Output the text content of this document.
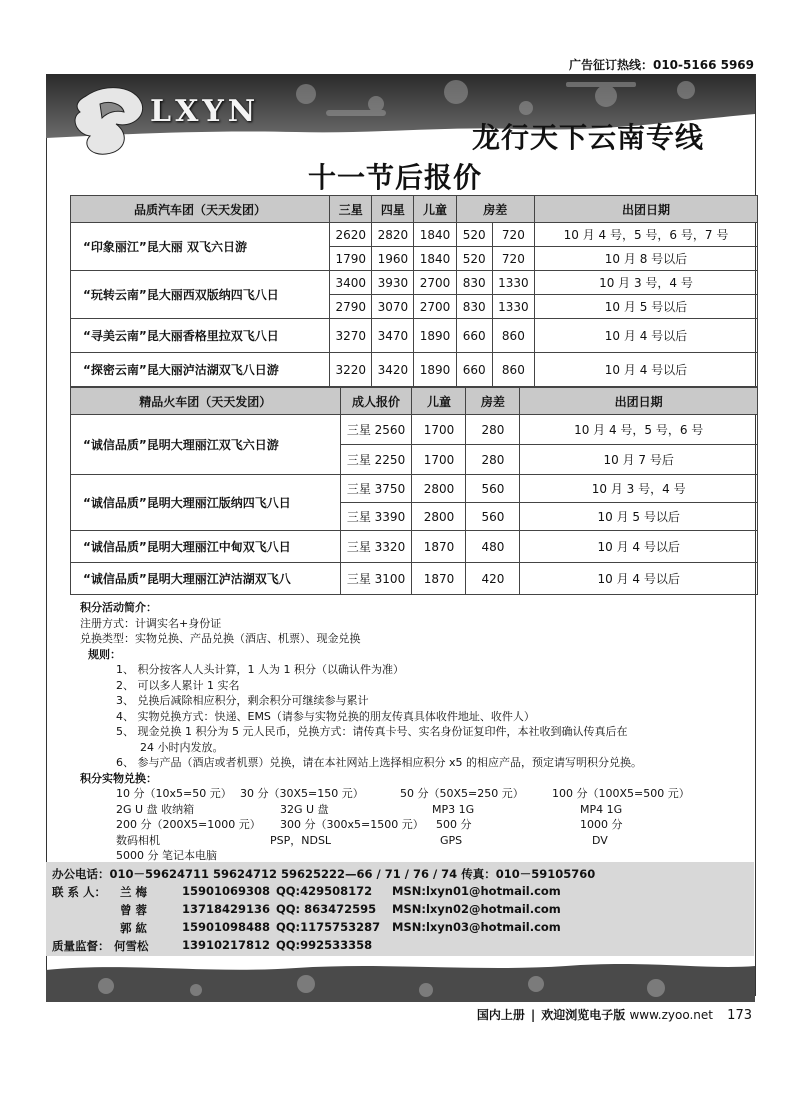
广告征订热线：010-5166 5969
LXYN
龙行天下云南专线
十一节后报价
品质汽车团（天天发团）	三星	四星	儿童	房差		出团日期
“印象丽江”昆大丽 双飞六日游	2620	2820	1840	520	720	10 月 4 号，5 号，6 号，7 号
	1790	1960	1840	520	720	10 月 8 号以后
“玩转云南”昆大丽西双版纳四飞八日	3400	3930	2700	830	1330	10 月 3 号，4 号
	2790	3070	2700	830	1330	10 月 5 号以后
“寻美云南”昆大丽香格里拉双飞八日	3270	3470	1890	660	860	10 月 4 号以后
“探密云南”昆大丽泸沽湖双飞八日游	3220	3420	1890	660	860	10 月 4 号以后
精品火车团（天天发团）	成人报价	儿童	房差	出团日期
“诚信品质”昆明大理丽江双飞六日游	三星 2560	1700	280	10 月 4 号，5 号，6 号
	三星 2250	1700	280	10 月 7 号后
“诚信品质”昆明大理丽江版纳四飞八日	三星 3750	2800	560	10 月 3 号，4 号
	三星 3390	2800	560	10 月 5 号以后
“诚信品质”昆明大理丽江中甸双飞八日	三星 3320	1870	480	10 月 4 号以后
“诚信品质”昆明大理丽江泸沽湖双飞八	三星 3100	1870	420	10 月 4 号以后
积分活动简介：
注册方式：计调实名+身份证
兑换类型：实物兑换、产品兑换（酒店、机票）、现金兑换
规则：
1、 积分按客人人头计算，1 人为 1 积分（以确认件为准）
2、 可以多人累计 1 实名
3、 兑换后减除相应积分，剩余积分可继续参与累计
4、 实物兑换方式：快递、EMS（请参与实物兑换的朋友传真具体收件地址、收件人）
5、 现金兑换 1 积分为 5 元人民币，兑换方式：请传真卡号、实名身份证复印件，本社收到确认传真后在
24 小时内发放。
6、 参与产品（酒店或者机票）兑换，请在本社网站上选择相应积分 x5 的相应产品，预定请写明积分兑换。
积分实物兑换：
10 分（10x5=50 元） 30 分（30X5=150 元）	50 分（50X5=250 元）	100 分（100X5=500 元）
2G U 盘 收纳箱	32G U 盘	MP3 1G	MP4 1G
200 分（200X5=1000 元） 300 分（300x5=1500 元） 500 分	1000 分
数码相机	PSP，NDSL	GPS	DV
5000 分 笔记本电脑
办公电话：010－59624711 59624712 59625222—66 / 71 / 76 / 74 传真：010－59105760
联 系 人： 兰 梅	15901069308 QQ:429508172 MSN:lxyn01@hotmail.com
曾 蓉	13718429136 QQ: 863472595 MSN:lxyn02@hotmail.com
郭 紘	15901098488 QQ:1175753287 MSN:lxyn03@hotmail.com
质量监督： 何雪松	13910217812 QQ:992533358
国内上册 | 欢迎浏览电子版 www.zyoo.net 173
